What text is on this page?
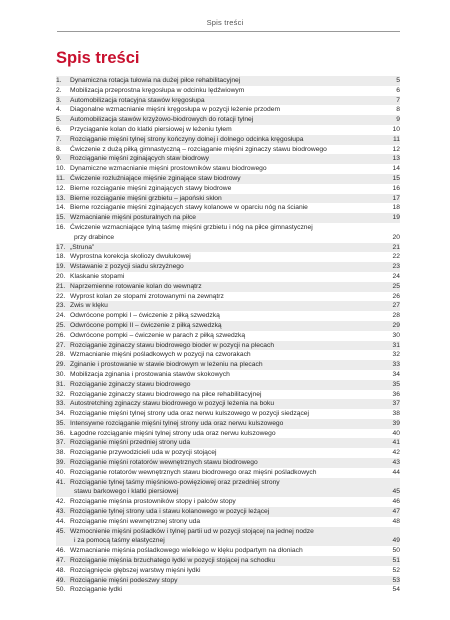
Spis treści
Spis treści
1.	Dynamiczna rotacja tułowia na dużej piłce rehabilitacyjnej	5
2.	Mobilizacja przeprostna kręgosłupa w odcinku lędźwiowym	6
3.	Automobilizacja rotacyjna stawów kręgosłupa	7
4.	Diagonalne wzmacnianie mięśni kręgosłupa w pozycji leżenie przodem	8
5.	Automobilizacja stawów krzyżowo-biodrowych do rotacji tylnej	9
6.	Przyciąganie kolan do klatki piersiowej w leżeniu tyłem	10
7.	Rozciąganie mięśni tylnej strony kończyny dolnej i dolnego odcinka kręgosłupa	11
8.	Ćwiczenie z dużą piłką gimnastyczną – rozciąganie mięśni zginaczy stawu biodrowego	12
9.	Rozciąganie mięśni zginających staw biodrowy	13
10. Dynamiczne wzmacnianie mięśni prostowników stawu biodrowego	14
11. Ćwiczenie rozluźniające mięśnie zginające staw biodrowy	15
12. Bierne rozciąganie mięśni zginających stawy biodrowe	16
13. Bierne rozciąganie mięśni grzbietu – japoński skłon	17
14. Bierne rozciąganie mięśni zginających stawy kolanowe w oparciu nóg na ścianie	18
15. Wzmacnianie mięśni posturalnych na piłce	19
16. Ćwiczenie wzmacniające tylną taśmę mięśni grzbietu i nóg na piłce gimnastycznej
przy drabince	20
17. „Struna”	21
18. Wyprostna korekcja skoliozy dwułukowej	22
19. Wstawanie z pozycji siadu skrzyżnego	23
20. Klaskanie stopami	24
21. Naprzemienne rotowanie kolan do wewnątrz	25
22. Wyprost kolan ze stopami zrotowanymi na zewnątrz	26
23. Zwis w klęku	27
24. Odwrócone pompki I – ćwiczenie z piłką szwedzką	28
25. Odwrócone pompki II – ćwiczenie z piłką szwedzką	29
26. Odwrócone pompki – ćwiczenie w parach z piłką szwedzką	30
27. Rozciąganie zginaczy stawu biodrowego bioder w pozycji na plecach	31
28. Wzmacnianie mięśni pośladkowych w pozycji na czworakach	32
29. Zginanie i prostowanie w stawie biodrowym w leżeniu na plecach	33
30. Mobilizacja zginania i prostowania stawów skokowych	34
31. Rozciąganie zginaczy stawu biodrowego	35
32. Rozciąganie zginaczy stawu biodrowego na piłce rehabilitacyjnej	36
33. Autostretching zginaczy stawu biodrowego w pozycji leżenia na boku	37
34. Rozciąganie mięśni tylnej strony uda oraz nerwu kulszowego w pozycji siedzącej	38
35. Intensywne rozciąganie mięśni tylnej strony uda oraz nerwu kulszowego	39
36. Łagodne rozciąganie mięśni tylnej strony uda oraz nerwu kulszowego	40
37. Rozciąganie mięśni przedniej strony uda	41
38. Rozciąganie przywodzicieli uda w pozycji stojącej	42
39. Rozciąganie mięśni rotatorów wewnętrznych stawu biodrowego	43
40. Rozciąganie rotatorów wewnętrznych stawu biodrowego oraz mięśni pośladkowych	44
41. Rozciąganie tylnej taśmy mięśniowo-powięziowej oraz przedniej strony
stawu barkowego i klatki piersiowej	45
42. Rozciąganie mięśnia prostowników stopy i palców stopy	46
43. Rozciąganie tylnej strony uda i stawu kolanowego w pozycji leżącej	47
44. Rozciąganie mięśni wewnętrznej strony uda	48
45. Wzmocnienie mięśni pośladków i tylnej partii ud w pozycji stojącej na jednej nodze
i za pomocą taśmy elastycznej	49
46. Wzmacnianie mięśnia pośladkowego wielkiego w klęku podpartym na dłoniach	50
47. Rozciąganie mięśnia brzuchatego łydki w pozycji stojącej na schodku	51
48. Rozciągnięcie głębszej warstwy mięśni łydki	52
49. Rozciąganie mięśni podeszwy stopy	53
50. Rozciąganie łydki	54
